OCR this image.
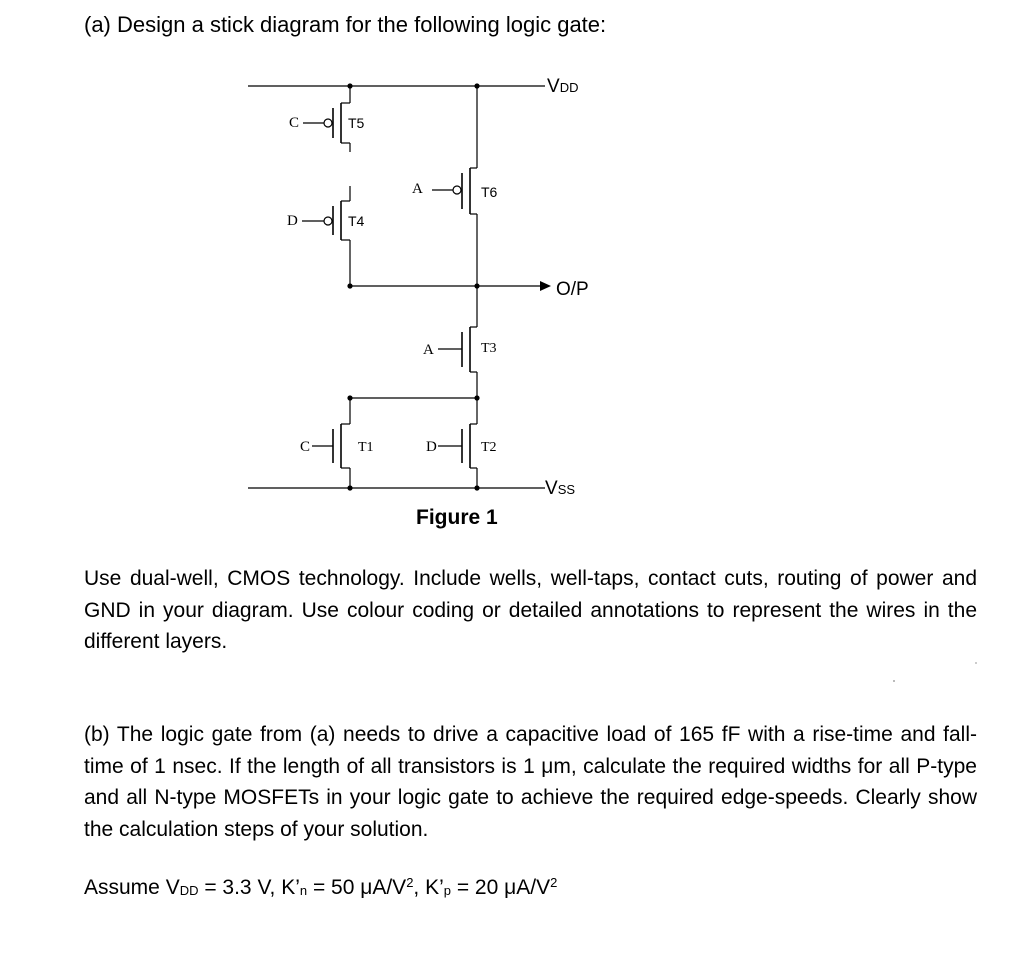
(a) Design a stick diagram for the following logic gate:
VDD
O/P
VSS
C	T5
D	T4
A	T6
A	T3
C	T1	D	T2
Figure 1
Use dual-well, CMOS technology. Include wells, well-taps, contact cuts, routing of power and GND in your diagram. Use colour coding or detailed annotations to represent the wires in the different layers.
(b) The logic gate from (a) needs to drive a capacitive load of 165 fF with a rise-time and fall-time of 1 nsec. If the length of all transistors is 1 μm, calculate the required widths for all P-type and all N-type MOSFETs in your logic gate to achieve the required edge-speeds. Clearly show the calculation steps of your solution.
Assume $V_{DD} = 3.3$ V, $K’_n = 50$ $\mu A/V^2$, $K’_p = 20$ $\mu A/V^2$
